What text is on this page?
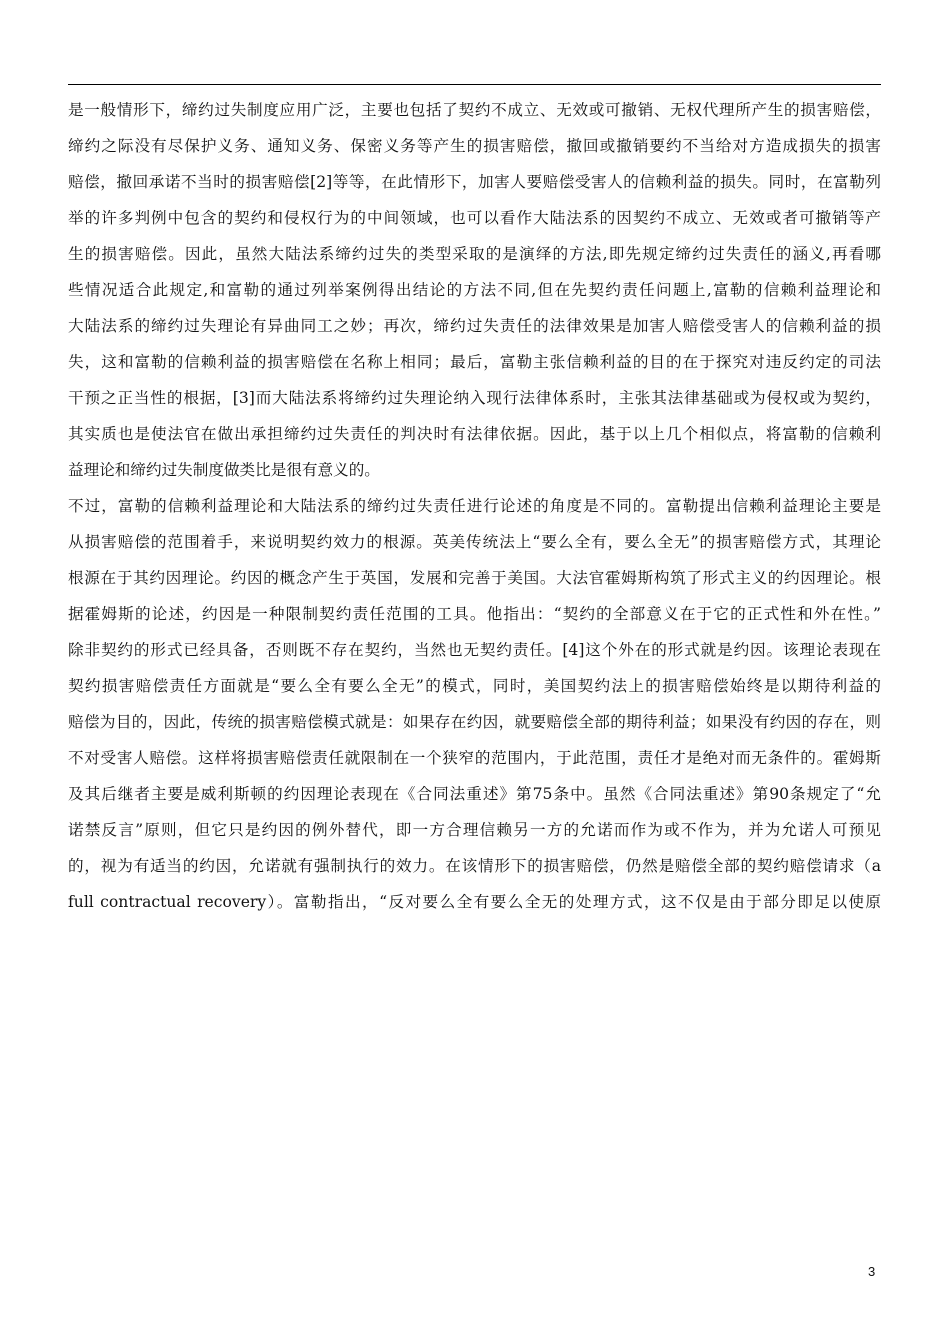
是一般情形下，缔约过失制度应用广泛，主要也包括了契约不成立、无效或可撤销、无权代理所产生的损害赔偿，
缔约之际没有尽保护义务、通知义务、保密义务等产生的损害赔偿，撤回或撤销要约不当给对方造成损失的损害
赔偿，撤回承诺不当时的损害赔偿[2]等等，在此情形下，加害人要赔偿受害人的信赖利益的损失。同时，在富勒列
举的许多判例中包含的契约和侵权行为的中间领域，也可以看作大陆法系的因契约不成立、无效或者可撤销等产
生的损害赔偿。因此，虽然大陆法系缔约过失的类型采取的是演绎的方法,即先规定缔约过失责任的涵义,再看哪
些情况适合此规定,和富勒的通过列举案例得出结论的方法不同,但在先契约责任问题上,富勒的信赖利益理论和
大陆法系的缔约过失理论有异曲同工之妙；再次，缔约过失责任的法律效果是加害人赔偿受害人的信赖利益的损
失，这和富勒的信赖利益的损害赔偿在名称上相同；最后，富勒主张信赖利益的目的在于探究对违反约定的司法
干预之正当性的根据，[3]而大陆法系将缔约过失理论纳入现行法律体系时，主张其法律基础或为侵权或为契约，
其实质也是使法官在做出承担缔约过失责任的判决时有法律依据。因此，基于以上几个相似点，将富勒的信赖利
益理论和缔约过失制度做类比是很有意义的。
不过，富勒的信赖利益理论和大陆法系的缔约过失责任进行论述的角度是不同的。富勒提出信赖利益理论主要是
从损害赔偿的范围着手，来说明契约效力的根源。英美传统法上“要么全有，要么全无”的损害赔偿方式，其理论
根源在于其约因理论。约因的概念产生于英国，发展和完善于美国。大法官霍姆斯构筑了形式主义的约因理论。根
据霍姆斯的论述，约因是一种限制契约责任范围的工具。他指出：“契约的全部意义在于它的正式性和外在性。”
除非契约的形式已经具备，否则既不存在契约，当然也无契约责任。[4]这个外在的形式就是约因。该理论表现在
契约损害赔偿责任方面就是“要么全有要么全无”的模式，同时，美国契约法上的损害赔偿始终是以期待利益的
赔偿为目的，因此，传统的损害赔偿模式就是：如果存在约因，就要赔偿全部的期待利益；如果没有约因的存在，则
不对受害人赔偿。这样将损害赔偿责任就限制在一个狭窄的范围内，于此范围，责任才是绝对而无条件的。霍姆斯
及其后继者主要是威利斯顿的约因理论表现在《合同法重述》第75条中。虽然《合同法重述》第90条规定了“允
诺禁反言”原则，但它只是约因的例外替代，即一方合理信赖另一方的允诺而作为或不作为，并为允诺人可预见
的，视为有适当的约因，允诺就有强制执行的效力。在该情形下的损害赔偿，仍然是赔偿全部的契约赔偿请求（a
full contractual recovery）。富勒指出，“反对要么全有要么全无的处理方式，这不仅是由于部分即足以使原
3
